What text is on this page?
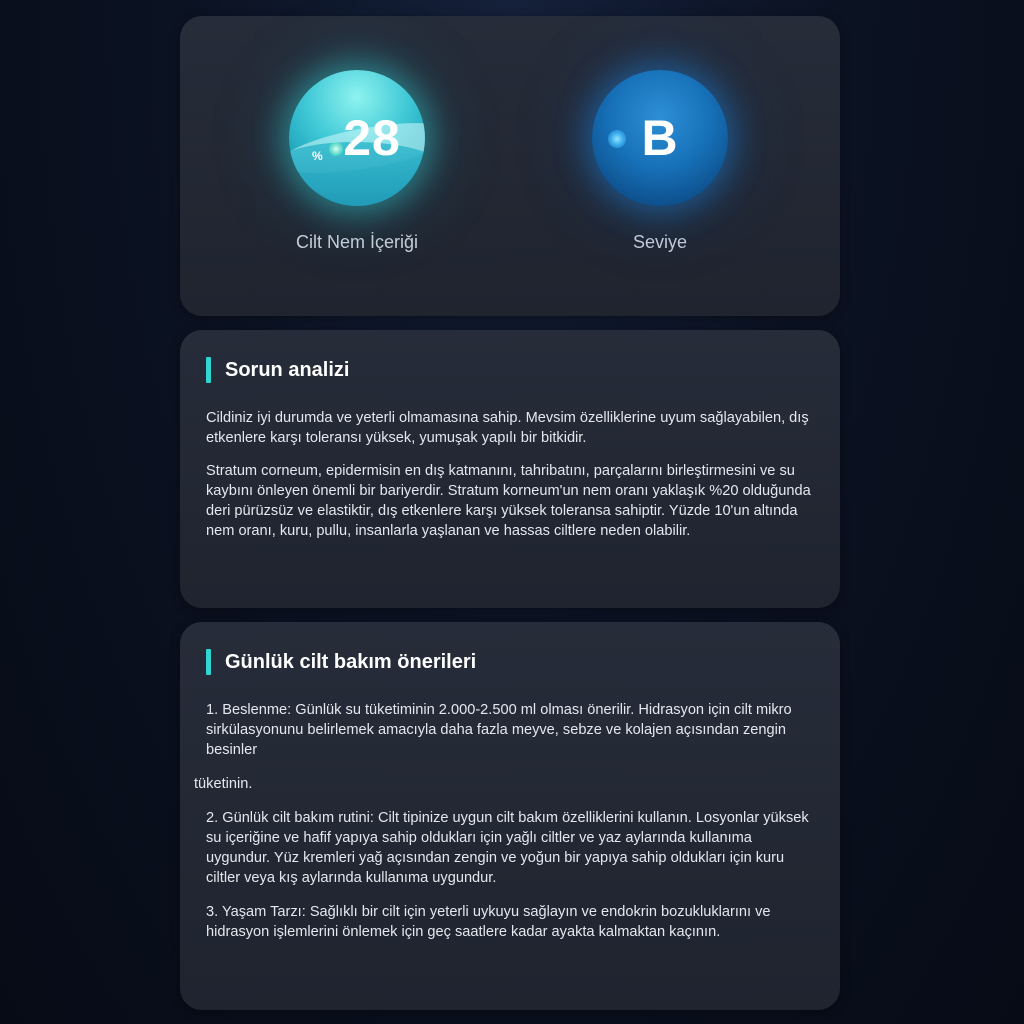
% 28
Cilt Nem İçeriği
B
Seviye
Sorun analizi

Cildiniz iyi durumda ve yeterli olmamasına sahip. Mevsim özelliklerine uyum sağlayabilen, dış etkenlere karşı toleransı yüksek, yumuşak yapılı bir bitkidir.

Stratum corneum, epidermisin en dış katmanını, tahribatını, parçalarını birleştirmesini ve su kaybını önleyen önemli bir bariyerdir. Stratum korneum'un nem oranı yaklaşık %20 olduğunda deri pürüzsüz ve elastiktir, dış etkenlere karşı yüksek toleransa sahiptir. Yüzde 10'un altında nem oranı, kuru, pullu, insanlarla yaşlanan ve hassas ciltlere neden olabilir.

Günlük cilt bakım önerileri

1. Beslenme: Günlük su tüketiminin 2.000-2.500 ml olması önerilir. Hidrasyon için cilt mikro sirkülasyonunu belirlemek amacıyla daha fazla meyve, sebze ve kolajen açısından zengin besinler

tüketinin.

2. Günlük cilt bakım rutini: Cilt tipinize uygun cilt bakım özelliklerini kullanın. Losyonlar yüksek su içeriğine ve hafif yapıya sahip oldukları için yağlı ciltler ve yaz aylarında kullanıma uygundur. Yüz kremleri yağ açısından zengin ve yoğun bir yapıya sahip oldukları için kuru ciltler veya kış aylarında kullanıma uygundur.

3. Yaşam Tarzı: Sağlıklı bir cilt için yeterli uykuyu sağlayın ve endokrin bozukluklarını ve hidrasyon işlemlerini önlemek için geç saatlere kadar ayakta kalmaktan kaçının.
